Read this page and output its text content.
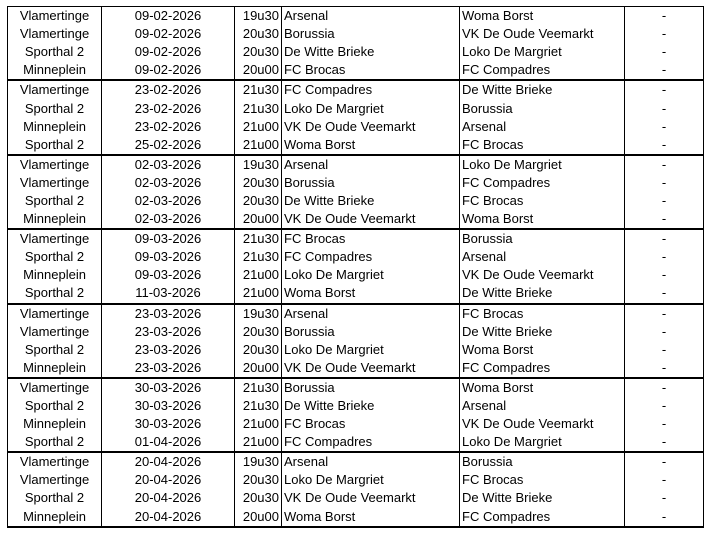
Vlamertinge	09-02-2026	19u30	Arsenal	Woma Borst	-
Vlamertinge	09-02-2026	20u30	Borussia	VK De Oude Veemarkt	-
Sporthal 2	09-02-2026	20u30	De Witte Brieke	Loko De Margriet	-
Minneplein	09-02-2026	20u00	FC Brocas	FC Compadres	-
Vlamertinge	23-02-2026	21u30	FC Compadres	De Witte Brieke	-
Sporthal 2	23-02-2026	21u30	Loko De Margriet	Borussia	-
Minneplein	23-02-2026	21u00	VK De Oude Veemarkt	Arsenal	-
Sporthal 2	25-02-2026	21u00	Woma Borst	FC Brocas	-
Vlamertinge	02-03-2026	19u30	Arsenal	Loko De Margriet	-
Vlamertinge	02-03-2026	20u30	Borussia	FC Compadres	-
Sporthal 2	02-03-2026	20u30	De Witte Brieke	FC Brocas	-
Minneplein	02-03-2026	20u00	VK De Oude Veemarkt	Woma Borst	-
Vlamertinge	09-03-2026	21u30	FC Brocas	Borussia	-
Sporthal 2	09-03-2026	21u30	FC Compadres	Arsenal	-
Minneplein	09-03-2026	21u00	Loko De Margriet	VK De Oude Veemarkt	-
Sporthal 2	11-03-2026	21u00	Woma Borst	De Witte Brieke	-
Vlamertinge	23-03-2026	19u30	Arsenal	FC Brocas	-
Vlamertinge	23-03-2026	20u30	Borussia	De Witte Brieke	-
Sporthal 2	23-03-2026	20u30	Loko De Margriet	Woma Borst	-
Minneplein	23-03-2026	20u00	VK De Oude Veemarkt	FC Compadres	-
Vlamertinge	30-03-2026	21u30	Borussia	Woma Borst	-
Sporthal 2	30-03-2026	21u30	De Witte Brieke	Arsenal	-
Minneplein	30-03-2026	21u00	FC Brocas	VK De Oude Veemarkt	-
Sporthal 2	01-04-2026	21u00	FC Compadres	Loko De Margriet	-
Vlamertinge	20-04-2026	19u30	Arsenal	Borussia	-
Vlamertinge	20-04-2026	20u30	Loko De Margriet	FC Brocas	-
Sporthal 2	20-04-2026	20u30	VK De Oude Veemarkt	De Witte Brieke	-
Minneplein	20-04-2026	20u00	Woma Borst	FC Compadres	-
